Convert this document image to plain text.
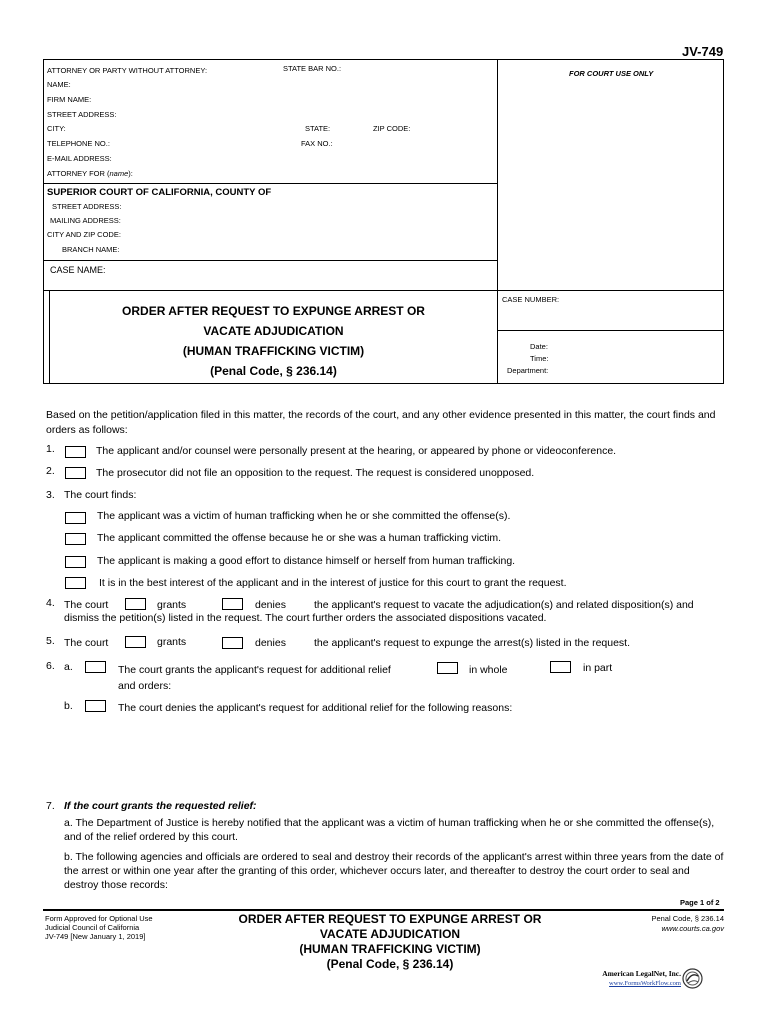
JV-749
ATTORNEY OR PARTY WITHOUT ATTORNEY:	STATE BAR NO.:
FOR COURT USE ONLY
NAME:
FIRM NAME:
STREET ADDRESS:
CITY:	STATE:	ZIP CODE:
TELEPHONE NO.:	FAX NO.:
E-MAIL ADDRESS:
ATTORNEY FOR (name):
SUPERIOR COURT OF CALIFORNIA, COUNTY OF
STREET ADDRESS:
MAILING ADDRESS:
CITY AND ZIP CODE:
BRANCH NAME:
CASE NAME:
CASE NUMBER:
ORDER AFTER REQUEST TO EXPUNGE ARREST OR
VACATE ADJUDICATION
(HUMAN TRAFFICKING VICTIM)
(Penal Code, § 236.14)
Date:
Time:
Department:
Based on the petition/application filed in this matter, the records of the court, and any other evidence presented in this matter, the court finds and orders as follows:
1.	The applicant and/or counsel were personally present at the hearing, or appeared by phone or videoconference.
2.	The prosecutor did not file an opposition to the request. The request is considered unopposed.
3. The court finds:
The applicant was a victim of human trafficking when he or she committed the offense(s).
The applicant committed the offense because he or she was a human trafficking victim.
The applicant is making a good effort to distance himself or herself from human trafficking.
It is in the best interest of the applicant and in the interest of justice for this court to grant the request.
4. The court	grants	denies	the applicant's request to vacate the adjudication(s) and related disposition(s) and
dismiss the petition(s) listed in the request. The court further orders the associated dispositions vacated.
5. The court	grants	denies	the applicant's request to expunge the arrest(s) listed in the request.
6. a.	The court grants the applicant's request for additional relief
and orders:
in whole	in part
b.	The court denies the applicant's request for additional relief for the following reasons:
7. If the court grants the requested relief:
a. The Department of Justice is hereby notified that the applicant was a victim of human trafficking when he or she committed the offense(s), and of the relief ordered by this court.
b. The following agencies and officials are ordered to seal and destroy their records of the applicant's arrest within three years from the date of the arrest or within one year after the granting of this order, whichever occurs later, and thereafter to destroy the court order to seal and destroy those records:
Page 1 of 2
Form Approved for Optional Use
Judicial Council of California
JV-749 [New January 1, 2019]
ORDER AFTER REQUEST TO EXPUNGE ARREST OR
VACATE ADJUDICATION
(HUMAN TRAFFICKING VICTIM)
(Penal Code, § 236.14)
Penal Code, § 236.14
www.courts.ca.gov
American LegalNet, Inc.
www.FormsWorkFlow.com
